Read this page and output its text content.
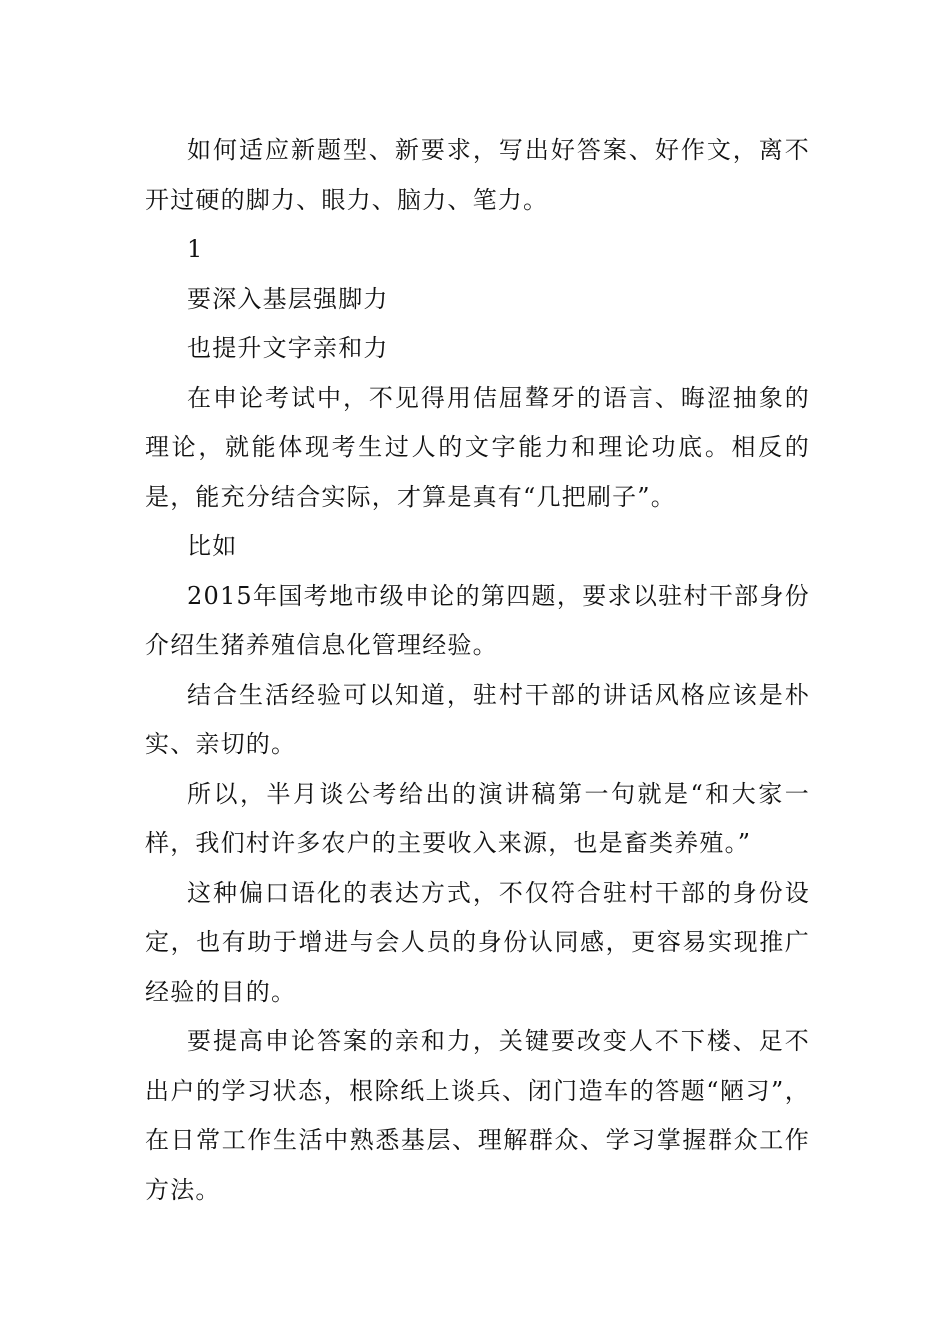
如何适应新题型、新要求，写出好答案、好作文，离不开过硬的脚力、眼力、脑力、笔力。

1

要深入基层强脚力

也提升文字亲和力

在申论考试中，不见得用佶屈聱牙的语言、晦涩抽象的理论，就能体现考生过人的文字能力和理论功底。相反的是，能充分结合实际，才算是真有“几把刷子”。

比如

2015年国考地市级申论的第四题，要求以驻村干部身份介绍生猪养殖信息化管理经验。

结合生活经验可以知道，驻村干部的讲话风格应该是朴实、亲切的。

所以，半月谈公考给出的演讲稿第一句就是“和大家一样，我们村许多农户的主要收入来源，也是畜类养殖。”

这种偏口语化的表达方式，不仅符合驻村干部的身份设定，也有助于增进与会人员的身份认同感，更容易实现推广经验的目的。

要提高申论答案的亲和力，关键要改变人不下楼、足不出户的学习状态，根除纸上谈兵、闭门造车的答题“陋习”，在日常工作生活中熟悉基层、理解群众、学习掌握群众工作方法。
